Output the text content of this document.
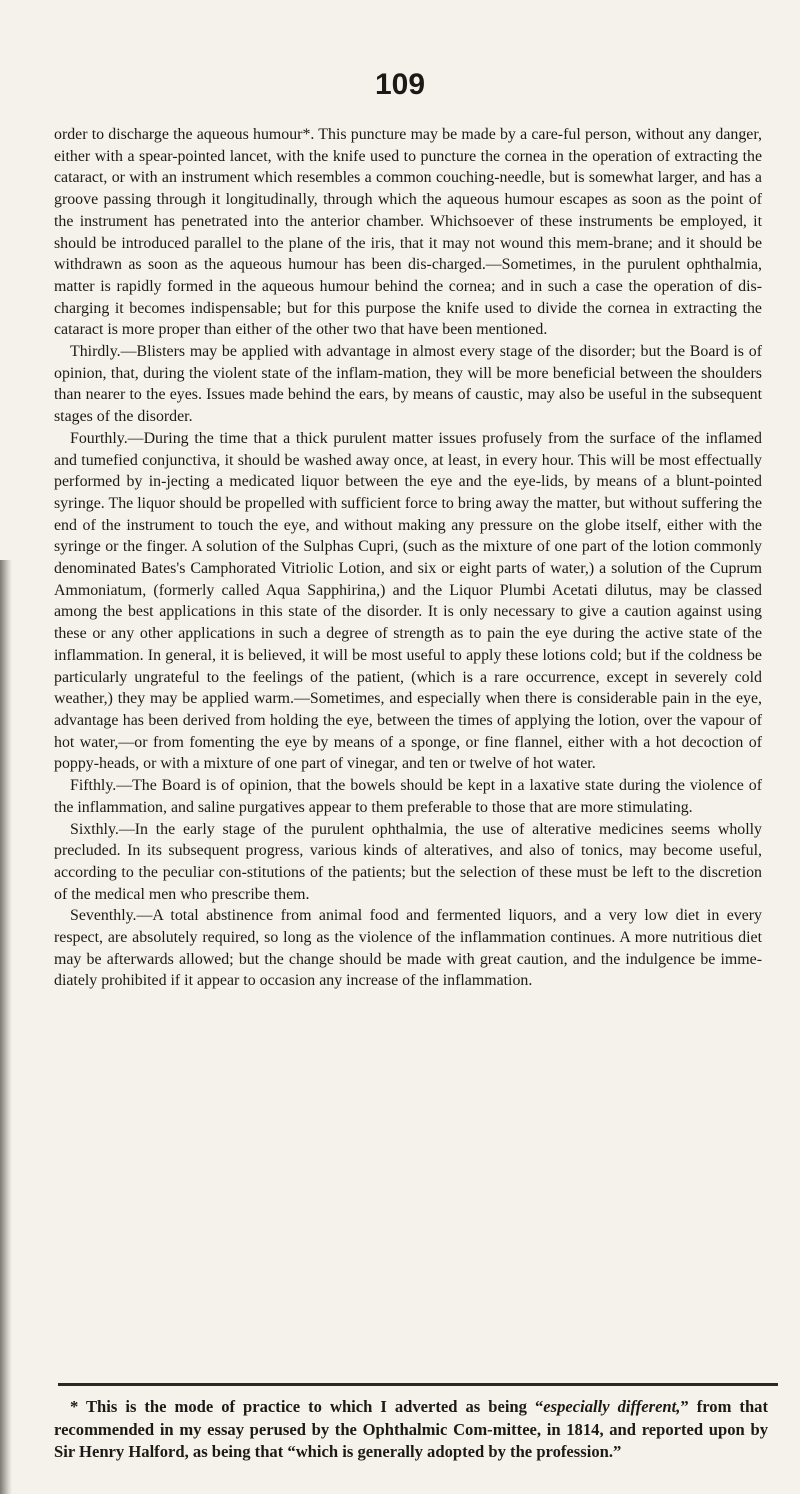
109

order to discharge the aqueous humour*. This puncture may be made by a care-ful person, without any danger, either with a spear-pointed lancet, with the knife used to puncture the cornea in the operation of extracting the cataract, or with an instrument which resembles a common couching-needle, but is somewhat larger, and has a groove passing through it longitudinally, through which the aqueous humour escapes as soon as the point of the instrument has penetrated into the anterior chamber. Whichsoever of these instruments be employed, it should be introduced parallel to the plane of the iris, that it may not wound this mem-brane; and it should be withdrawn as soon as the aqueous humour has been dis-charged.—Sometimes, in the purulent ophthalmia, matter is rapidly formed in the aqueous humour behind the cornea; and in such a case the operation of dis-charging it becomes indispensable; but for this purpose the knife used to divide the cornea in extracting the cataract is more proper than either of the other two that have been mentioned.

Thirdly.—Blisters may be applied with advantage in almost every stage of the disorder; but the Board is of opinion, that, during the violent state of the inflam-mation, they will be more beneficial between the shoulders than nearer to the eyes. Issues made behind the ears, by means of caustic, may also be useful in the subsequent stages of the disorder.

Fourthly.—During the time that a thick purulent matter issues profusely from the surface of the inflamed and tumefied conjunctiva, it should be washed away once, at least, in every hour. This will be most effectually performed by in-jecting a medicated liquor between the eye and the eye-lids, by means of a blunt-pointed syringe. The liquor should be propelled with sufficient force to bring away the matter, but without suffering the end of the instrument to touch the eye, and without making any pressure on the globe itself, either with the syringe or the finger. A solution of the Sulphas Cupri, (such as the mixture of one part of the lotion commonly denominated Bates's Camphorated Vitriolic Lotion, and six or eight parts of water,) a solution of the Cuprum Ammoniatum, (formerly called Aqua Sapphirina,) and the Liquor Plumbi Acetati dilutus, may be classed among the best applications in this state of the disorder. It is only necessary to give a caution against using these or any other applications in such a degree of strength as to pain the eye during the active state of the inflammation. In general, it is believed, it will be most useful to apply these lotions cold; but if the coldness be particularly ungrateful to the feelings of the patient, (which is a rare occurrence, except in severely cold weather,) they may be applied warm.—Sometimes, and especially when there is considerable pain in the eye, advantage has been derived from holding the eye, between the times of applying the lotion, over the vapour of hot water,—or from fomenting the eye by means of a sponge, or fine flannel, either with a hot decoction of poppy-heads, or with a mixture of one part of vinegar, and ten or twelve of hot water.

Fifthly.—The Board is of opinion, that the bowels should be kept in a laxative state during the violence of the inflammation, and saline purgatives appear to them preferable to those that are more stimulating.

Sixthly.—In the early stage of the purulent ophthalmia, the use of alterative medicines seems wholly precluded. In its subsequent progress, various kinds of alteratives, and also of tonics, may become useful, according to the peculiar con-stitutions of the patients; but the selection of these must be left to the discretion of the medical men who prescribe them.

Seventhly.—A total abstinence from animal food and fermented liquors, and a very low diet in every respect, are absolutely required, so long as the violence of the inflammation continues. A more nutritious diet may be afterwards allowed; but the change should be made with great caution, and the indulgence be imme-diately prohibited if it appear to occasion any increase of the inflammation.

* This is the mode of practice to which I adverted as being “especially different,” from that recommended in my essay perused by the Ophthalmic Com-mittee, in 1814, and reported upon by Sir Henry Halford, as being that “which is generally adopted by the profession.”
